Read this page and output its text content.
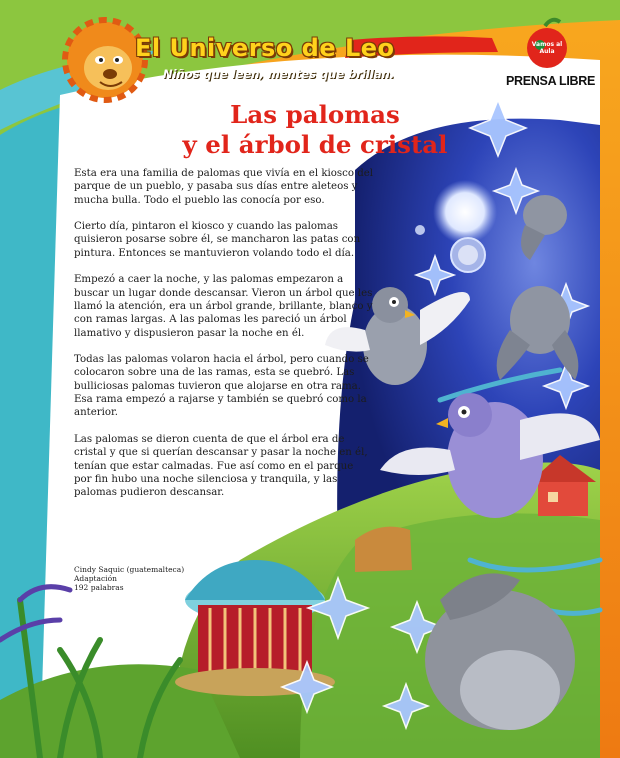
El Universo de Leo
Niños que leen, mentes que brillan.
Vamos al Aula
PRENSA LIBRE
Las palomas
y el árbol de cristal

Esta era una familia de palomas que vivía en el kiosco del parque de un pueblo, y pasaba sus días entre aleteos y mucha bulla. Todo el pueblo las conocía por eso.

Cierto día, pintaron el kiosco y cuando las palomas quisieron posarse sobre él, se mancharon las patas con pintura. Entonces se mantuvieron volando todo el día.

Empezó a caer la noche, y las palomas empezaron a buscar un lugar donde descansar. Vieron un árbol que les llamó la atención, era un árbol grande, brillante, blanco y con ramas largas. A las palomas les pareció un árbol llamativo y dispusieron pasar la noche en él.

Todas las palomas volaron hacia el árbol, pero cuando se colocaron sobre una de las ramas, esta se quebró. Las bulliciosas palomas tuvieron que alojarse en otra rama. Esa rama empezó a rajarse y también se quebró como la anterior.

Las palomas se dieron cuenta de que el árbol era de cristal y que si querían descansar y pasar la noche en él, tenían que estar calmadas. Fue así como en el parque por fin hubo una noche silenciosa y tranquila, y las palomas pudieron descansar.

Cindy Saquic (guatemalteca)
Adaptación
192 palabras
